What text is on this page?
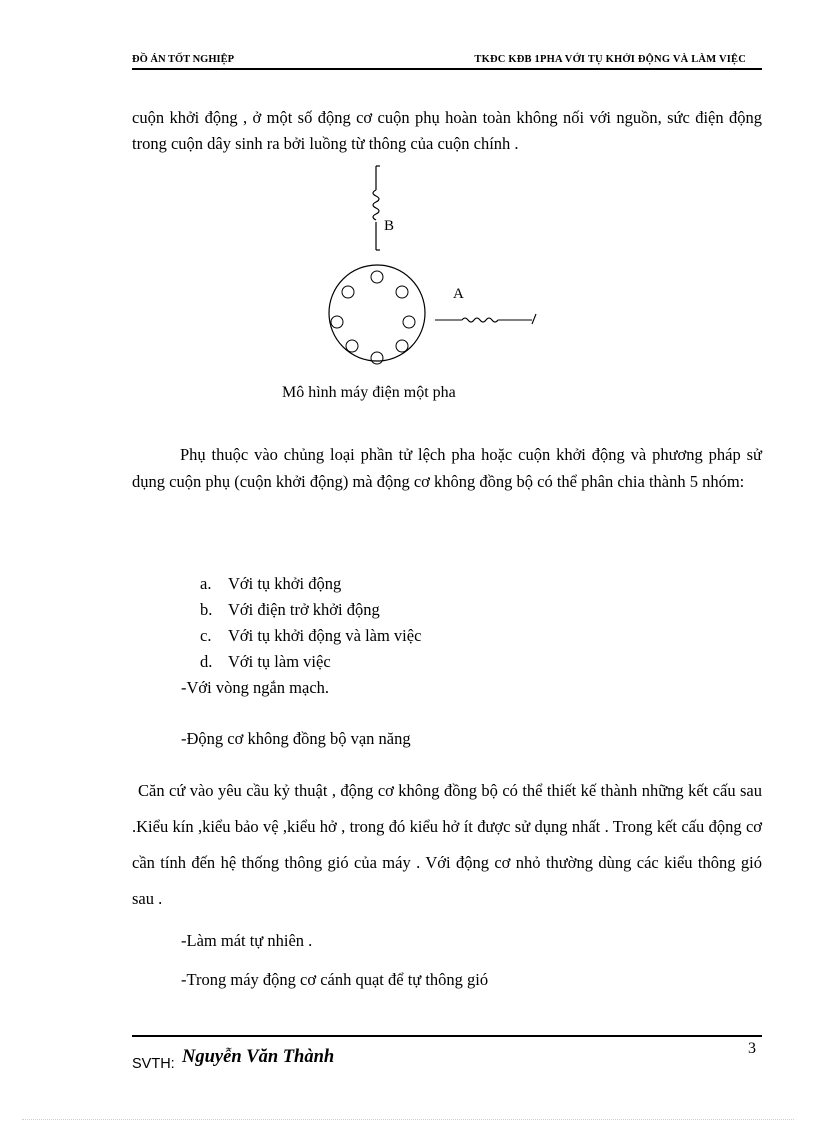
ĐỒ ÁN TỐT NGHIỆP	TKĐC KĐB 1PHA VỚI TỤ KHỞI ĐỘNG VÀ LÀM VIỆC

cuộn khởi động , ở một số động cơ cuộn phụ hoàn toàn không nối với nguồn, sức điện động trong cuộn dây sinh ra bởi luồng từ thông của cuộn chính .

B
A
Mô hình máy điện một pha

Phụ thuộc vào chủng loại phần tử lệch pha hoặc cuộn khởi động và phương pháp sử dụng cuộn phụ (cuộn khởi động) mà động cơ không đồng bộ có thể phân chia thành 5 nhóm:

a. Với tụ khởi động
b. Với điện trở khởi động
c. Với tụ khởi động và làm việc
d. Với tụ làm việc

-Với vòng ngắn mạch.

-Động cơ không đồng bộ vạn năng

Căn cứ vào yêu cầu kỷ thuật , động cơ không đồng bộ có thể thiết kế thành những kết cấu sau .Kiểu kín ,kiểu bảo vệ ,kiểu hở , trong đó kiểu hở ít được sử dụng nhất . Trong kết cấu động cơ cần tính đến hệ thống thông gió của máy . Với động cơ nhỏ thường dùng các kiểu thông gió sau .

-Làm mát tự nhiên .

-Trong máy động cơ cánh quạt để tự thông gió

SVTH: Nguyễn Văn Thành	3
